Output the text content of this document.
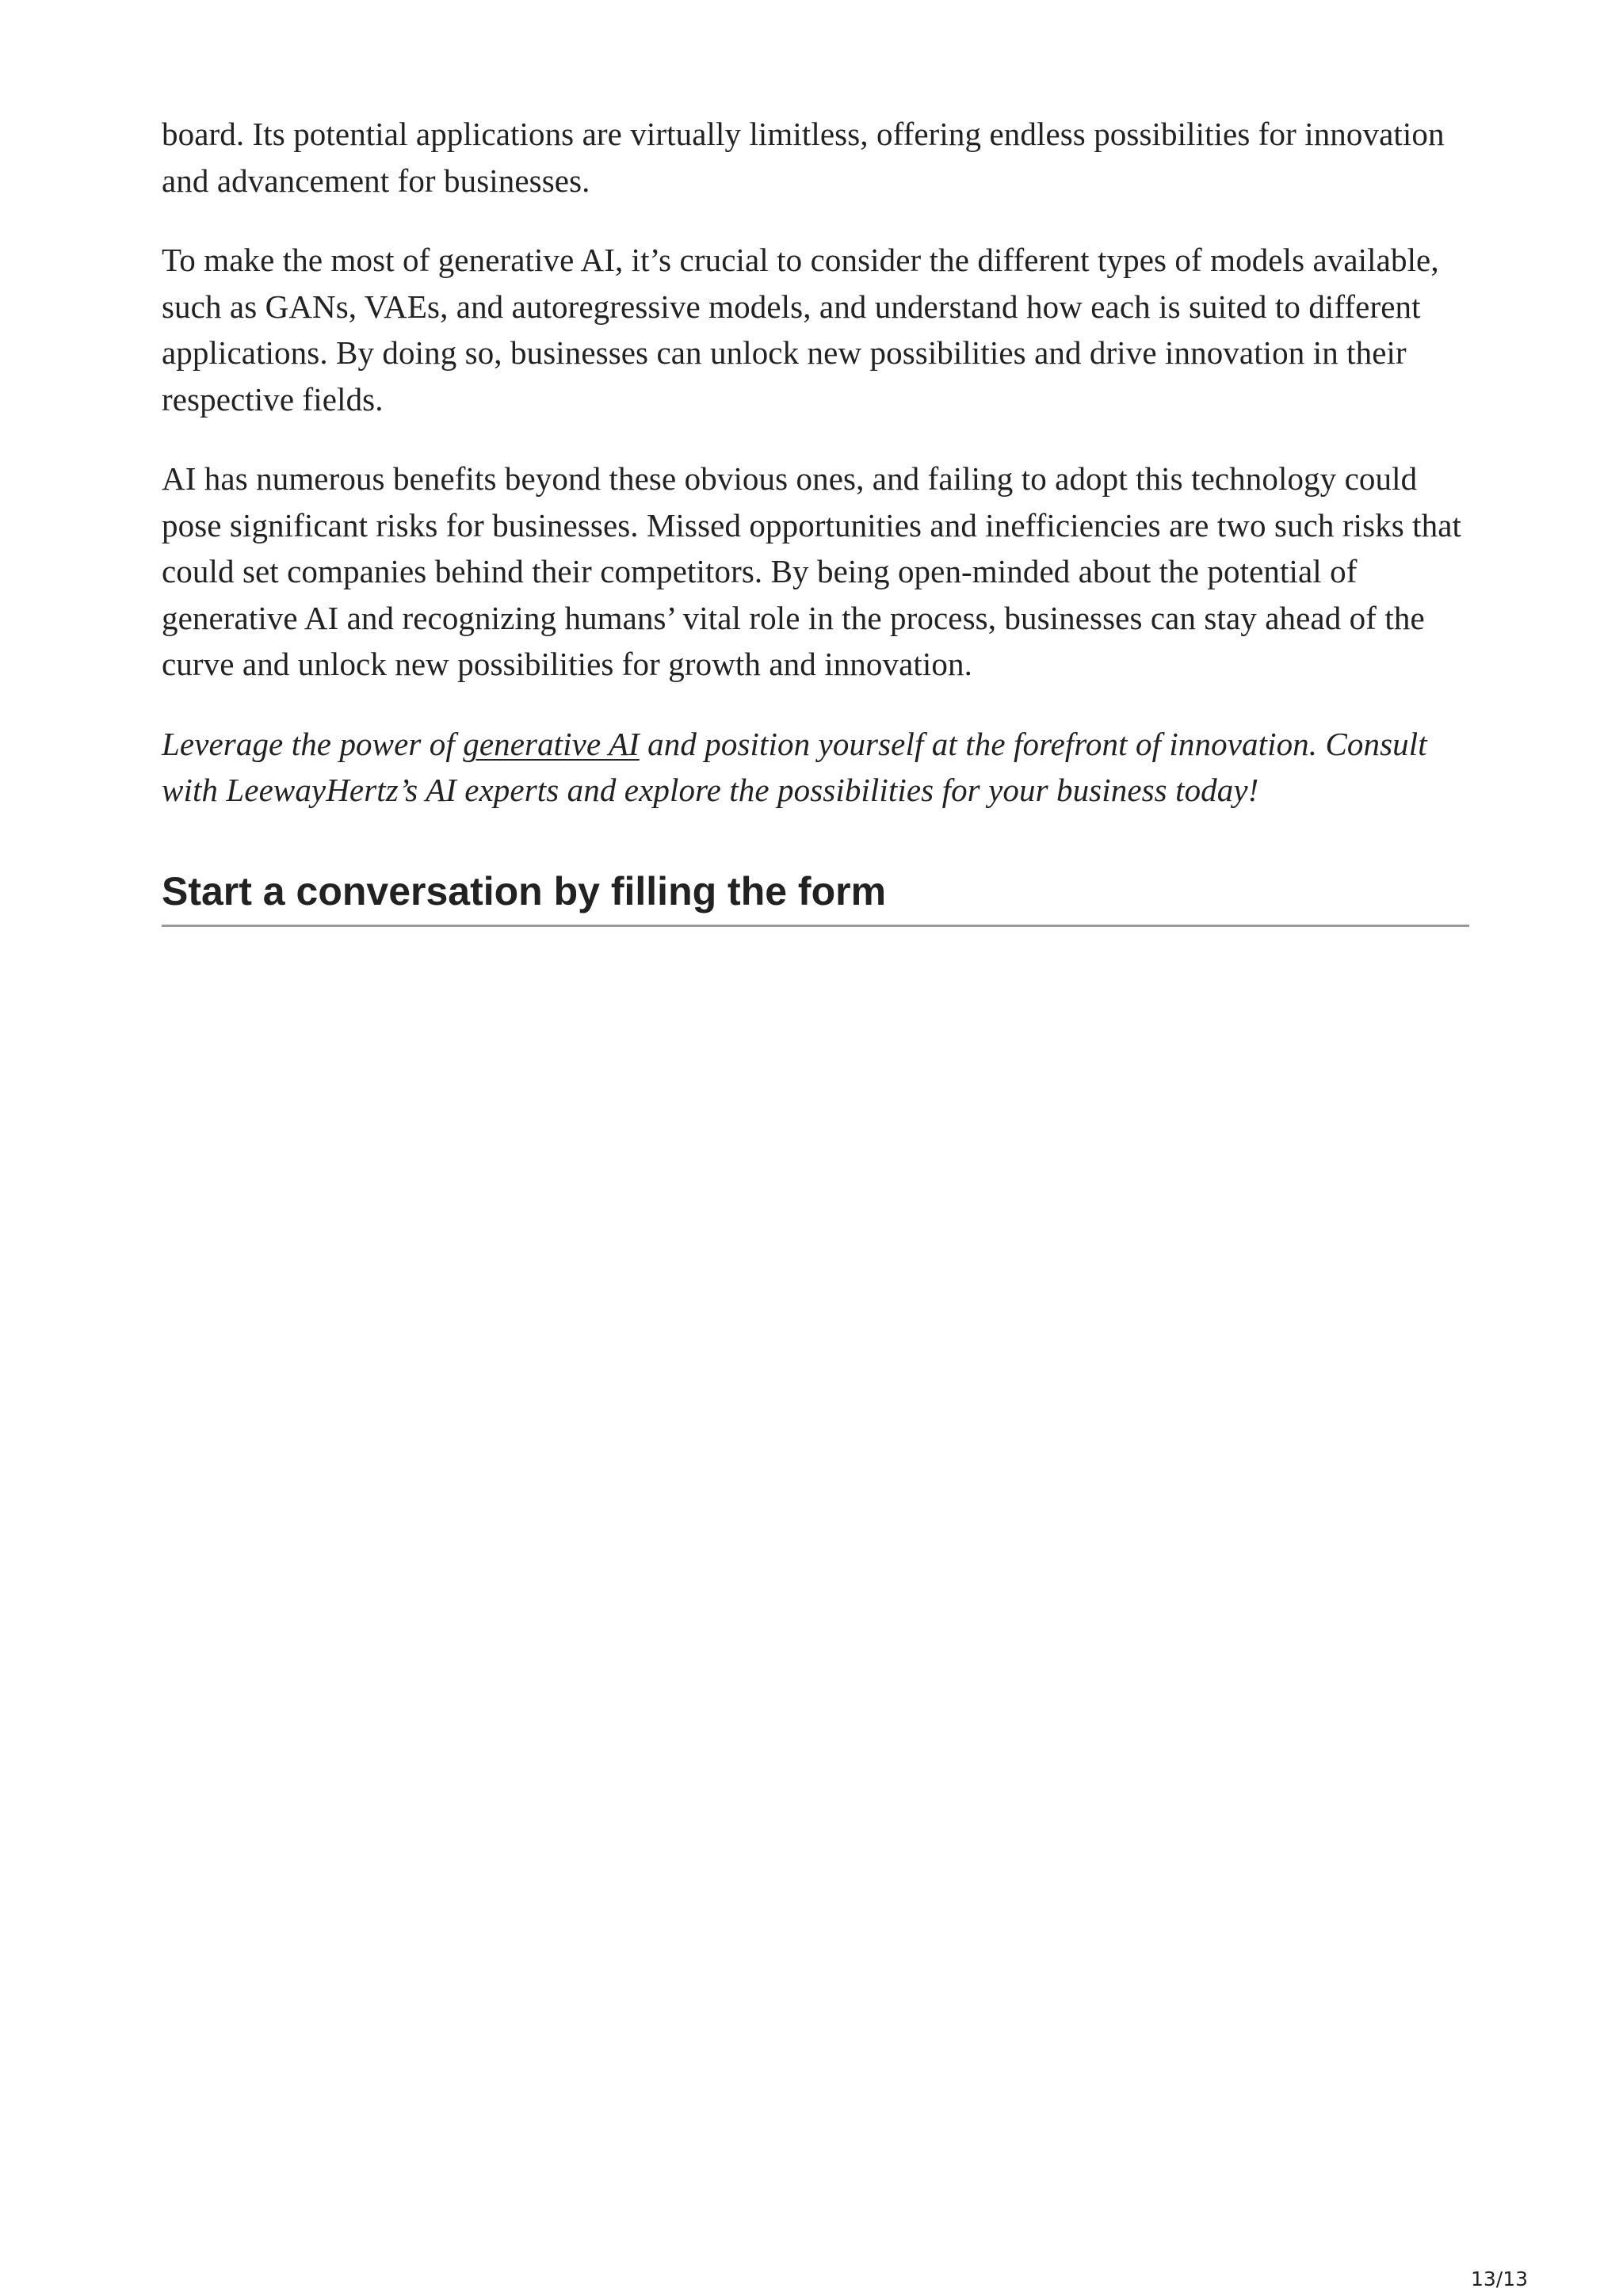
board. Its potential applications are virtually limitless, offering endless possibilities for innovation and advancement for businesses.

To make the most of generative AI, it’s crucial to consider the different types of models available, such as GANs, VAEs, and autoregressive models, and understand how each is suited to different applications. By doing so, businesses can unlock new possibilities and drive innovation in their respective fields.

AI has numerous benefits beyond these obvious ones, and failing to adopt this technology could pose significant risks for businesses. Missed opportunities and inefficiencies are two such risks that could set companies behind their competitors. By being open-minded about the potential of generative AI and recognizing humans’ vital role in the process, businesses can stay ahead of the curve and unlock new possibilities for growth and innovation.

Leverage the power of generative AI and position yourself at the forefront of innovation. Consult with LeewayHertz’s AI experts and explore the possibilities for your business today!

Start a conversation by filling the form
13/13
